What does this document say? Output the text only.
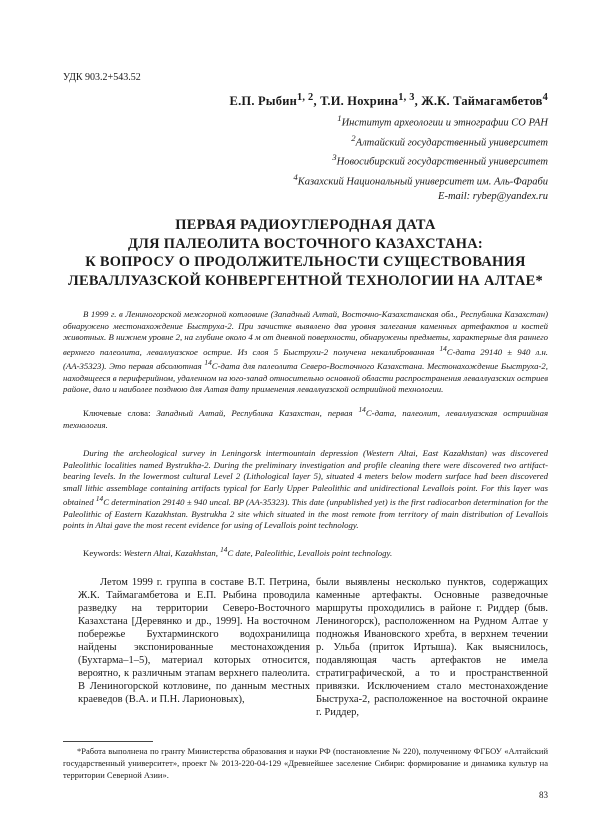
УДК 903.2+543.52
Е.П. Рыбин$^{1, 2}$, Т.И. Нохрина$^{1, 3}$, Ж.К. Таймагамбетов$^4$
$^1$Институт археологии и этнографии СО РАН
$^2$Алтайский государственный университет
$^3$Новосибирский государственный университет
$^4$Казахский Национальный университет им. Аль-Фараби
E-mail: rybep@yandex.ru
ПЕРВАЯ РАДИОУГЛЕРОДНАЯ ДАТА
ДЛЯ ПАЛЕОЛИТА ВОСТОЧНОГО КАЗАХСТАНА:
К ВОПРОСУ О ПРОДОЛЖИТЕЛЬНОСТИ СУЩЕСТВОВАНИЯ
ЛЕВАЛЛУАЗСКОЙ КОНВЕРГЕНТНОЙ ТЕХНОЛОГИИ НА АЛТАЕ*

В 1999 г. в Лениногорской межгорной котловине (Западный Алтай, Восточно-Казахстанская обл., Республика Казахстан) обнаружено местонахождение Быструха-2. При зачистке выявлено два уровня залегания каменных артефактов и костей животных. В нижнем уровне 2, на глубине около 4 м от дневной поверхности, обнаружены предметы, характерные для раннего верхнего палеолита, леваллуазское острие. Из слоя 5 Быструхи-2 получена некалиброванная $^{14}$С-дата 29140 ± 940 л.н. (АА-35323). Это первая абсолютная $^{14}$С-дата для палеолита Северо-Восточного Казахстана. Местонахождение Быструха-2, находящееся в периферийном, удаленном на юго-запад относительно основной области распространения леваллуазских остриев районе, дало и наиболее позднюю для Алтая дату применения леваллуазской остриийной технологии.

Ключевые слова: Западный Алтай, Республика Казахстан, первая $^{14}$С-дата, палеолит, леваллуазская остриийная технология.

During the archeological survey in Leningorsk intermountain depression (Western Altai, East Kazakhstan) was discovered Paleolithic localities named Bystrukha-2. During the preliminary investigation and profile cleaning there were discovered two artifact-bearing levels. In the lowermost cultural Level 2 (Lithological layer 5), situated 4 meters below modern surface had been discovered small lithic assemblage containing artifacts typical for Early Upper Paleolithic and unidirectional Levallois point. For this layer was obtained $^{14}$C determination 29140 ± 940 uncal. BP (AA-35323). This date (unpublished yet) is the first radiocarbon determination for the Paleolithic of Eastern Kazakhstan. Bystrukha 2 site which situated in the most remote from territory of main distribution of Levallois points in Altai gave the most recent evidence for using of Levallois point technology.

Keywords: Western Altai, Kazakhstan, $^{14}$C date, Paleolithic, Levallois point technology.

Летом 1999 г. группа в составе В.Т. Петрина, Ж.К. Таймагамбетова и Е.П. Рыбина проводила разведку на территории Северо-Восточного Казахстана [Деревянко и др., 1999]. На восточном побережье Бухтарминского водохранилища найдены экспонированные местонахождения (Бухтарма–1–5), материал которых относится, вероятно, к различным этапам верхнего палеолита. В Лениногорской котловине, по данным местных краеведов (В.А. и П.Н. Ларионовых),

были выявлены несколько пунктов, содержащих каменные артефакты. Основные разведочные маршруты проходились в районе г. Риддер (быв. Лениногорск), расположенном на Рудном Алтае у подножья Ивановского хребта, в верхнем течении р. Ульба (приток Иртыша). Как выяснилось, подавляющая часть артефактов не имела стратиграфической, а то и пространственной привязки. Исключением стало местонахождение Быструха-2, расположенное на восточной окраине г. Риддер,

*Работа выполнена по гранту Министерства образования и науки РФ (постановление № 220), полученному ФГБОУ «Алтайский государственный университет», проект № 2013-220-04-129 «Древнейшее заселение Сибири: формирование и динамика культур на территории Северной Азии».

83
